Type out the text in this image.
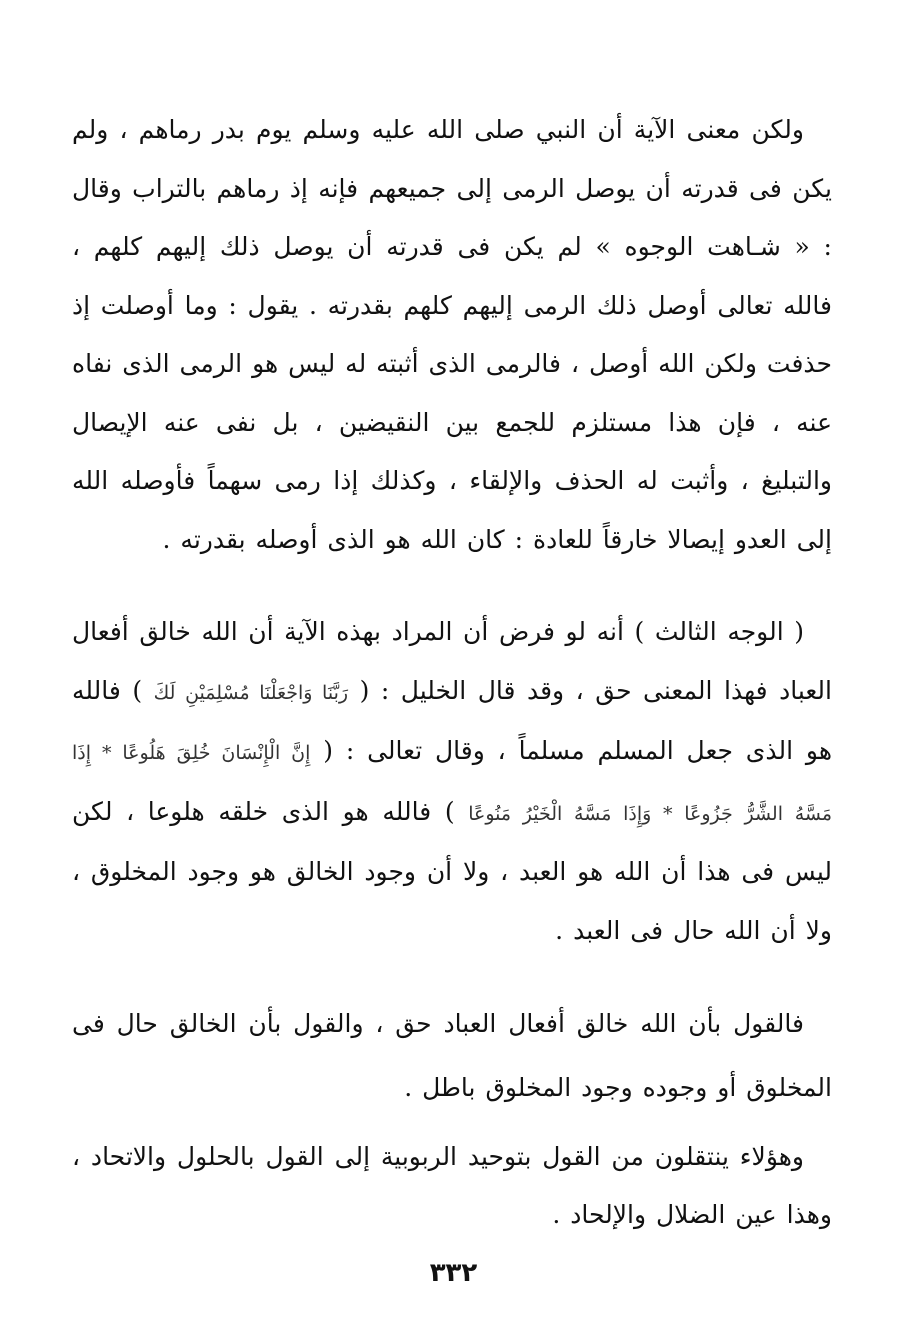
ولكن معنى الآية أن النبي صلى الله عليه وسلم يوم بدر رماهم ، ولم يكن فى قدرته أن يوصل الرمى إلى جميعهم فإنه إذ رماهم بالتراب وقال : « شـاهت الوجوه » لم يكن فى قدرته أن يوصل ذلك إليهم كلهم ، فالله تعالى أوصل ذلك الرمى إليهم كلهم بقدرته . يقول : وما أوصلت إذ حذفت ولكن الله أوصل ، فالرمى الذى أثبته له ليس هو الرمى الذى نفاه عنه ، فإن هذا مستلزم للجمع بين النقيضين ، بل نفى عنه الإيصال والتبليغ ، وأثبت له الحذف والإلقاء ، وكذلك إذا رمى سهماً فأوصله الله إلى العدو إيصالا خارقاً للعادة : كان الله هو الذى أوصله بقدرته .

( الوجه الثالث ) أنه لو فرض أن المراد بهذه الآية أن الله خالق أفعال العباد فهذا المعنى حق ، وقد قال الخليل : ( رَبَّنَا وَاجْعَلْنَا مُسْلِمَيْنِ لَكَ ) فالله هو الذى جعل المسلم مسلماً ، وقال تعالى : ( إِنَّ الْإِنْسَانَ خُلِقَ هَلُوعًا * إِذَا مَسَّهُ الشَّرُّ جَزُوعًا * وَإِذَا مَسَّهُ الْخَيْرُ مَنُوعًا ) فالله هو الذى خلقه هلوعا ، لكن ليس فى هذا أن الله هو العبد ، ولا أن وجود الخالق هو وجود المخلوق ، ولا أن الله حال فى العبد .

فالقول بأن الله خالق أفعال العباد حق ، والقول بأن الخالق حال فى المخلوق أو وجوده وجود المخلوق باطل .

وهؤلاء ينتقلون من القول بتوحيد الربوبية إلى القول بالحلول والاتحاد ، وهذا عين الضلال والإلحاد .

٣٣٢
